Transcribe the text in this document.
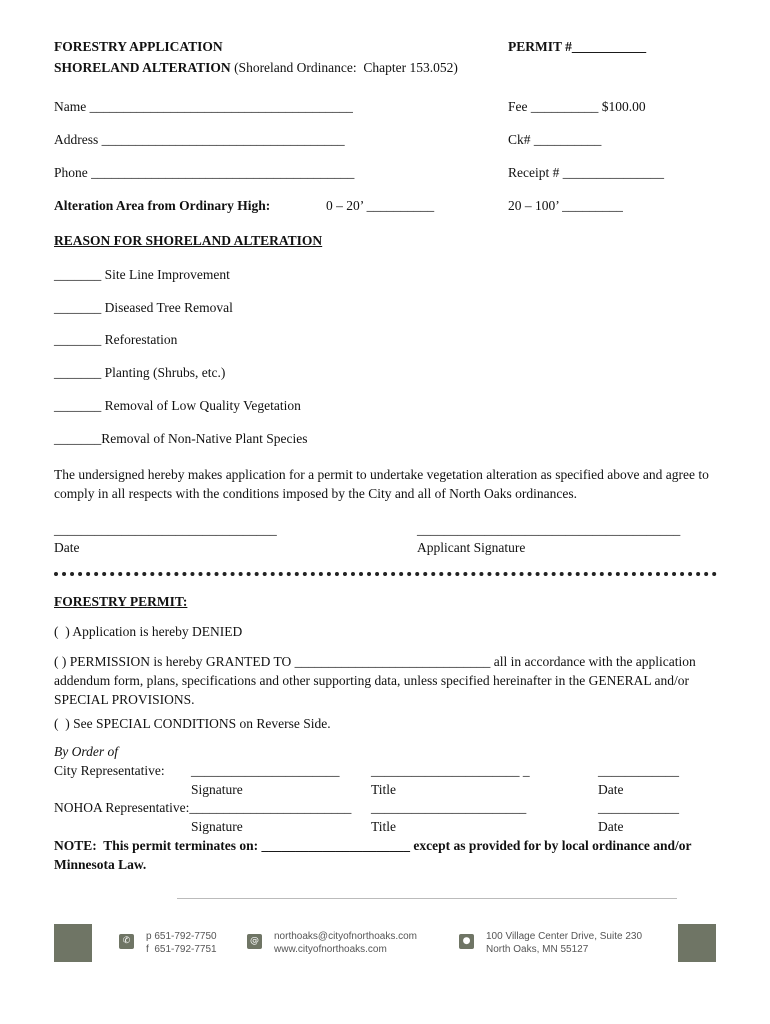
FORESTRY APPLICATION	PERMIT #___________
SHORELAND ALTERATION (Shoreland Ordinance:  Chapter 153.052)
Name _______________________________________	Fee __________ $100.00
Address ____________________________________	Ck# __________
Phone _______________________________________	Receipt # _______________
Alteration Area from Ordinary High:	0 – 20’ __________	20 – 100’ _________
REASON FOR SHORELAND ALTERATION
_______ Site Line Improvement
_______ Diseased Tree Removal
_______ Reforestation
_______ Planting (Shrubs, etc.)
_______ Removal of Low Quality Vegetation
_______Removal of Non-Native Plant Species
The undersigned hereby makes application for a permit to undertake vegetation alteration as specified above and agree to comply in all respects with the conditions imposed by the City and all of North Oaks ordinances.
_________________________________	_______________________________________
Date	Applicant Signature
FORESTRY PERMIT:
(  ) Application is hereby DENIED
( ) PERMISSION is hereby GRANTED TO _____________________________ all in accordance with the application addendum form, plans, specifications and other supporting data, unless specified hereinafter in the GENERAL and/or SPECIAL PROVISIONS.
(  ) See SPECIAL CONDITIONS on Reverse Side.
By Order of
City Representative: ______________________ ______________________ _	____________
Signature	Title	Date
NOHOA Representative:________________________ _______________________	____________
Signature	Title	Date
NOTE:  This permit terminates on: ______________________ except as provided for by local ordinance and/or
Minnesota Law.
✆	p 651-792-7750
f  651-792-7751
@	northoaks@cityofnorthoaks.com
www.cityofnorthoaks.com
●	100 Village Center Drive, Suite 230
North Oaks, MN 55127
